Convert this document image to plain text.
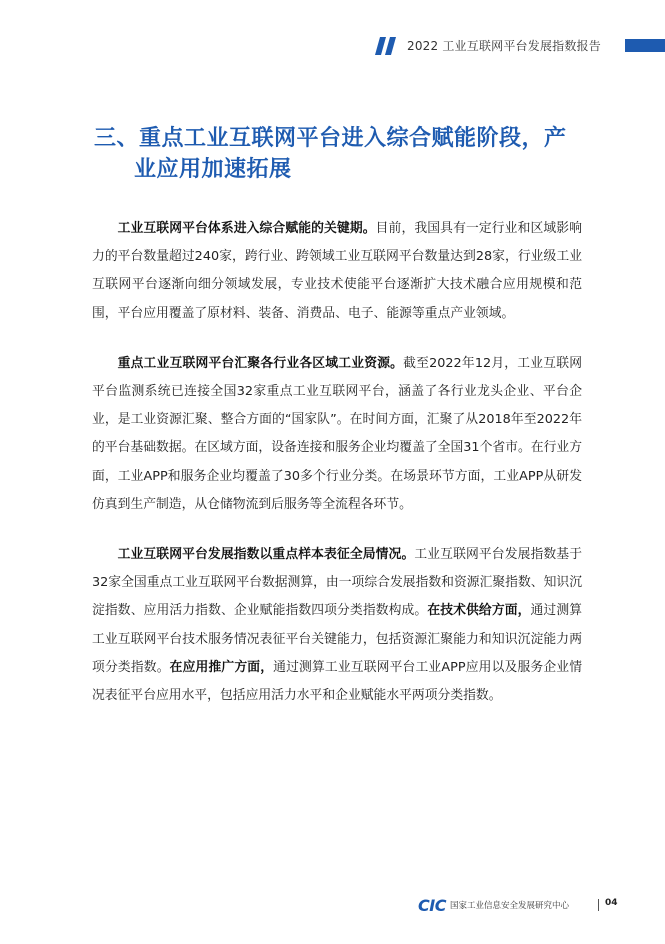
2022 工业互联网平台发展指数报告
三、重点工业互联网平台进入综合赋能阶段，产
业应用加速拓展

工业互联网平台体系进入综合赋能的关键期。目前，我国具有一定行业和区域影响力的平台数量超过240家，跨行业、跨领域工业互联网平台数量达到28家，行业级工业互联网平台逐渐向细分领域发展，专业技术使能平台逐渐扩大技术融合应用规模和范围，平台应用覆盖了原材料、装备、消费品、电子、能源等重点产业领域。

重点工业互联网平台汇聚各行业各区域工业资源。截至2022年12月，工业互联网平台监测系统已连接全国32家重点工业互联网平台，涵盖了各行业龙头企业、平台企业，是工业资源汇聚、整合方面的“国家队”。在时间方面，汇聚了从2018年至2022年的平台基础数据。在区域方面，设备连接和服务企业均覆盖了全国31个省市。在行业方面，工业APP和服务企业均覆盖了30多个行业分类。在场景环节方面，工业APP从研发仿真到生产制造，从仓储物流到后服务等全流程各环节。

工业互联网平台发展指数以重点样本表征全局情况。工业互联网平台发展指数基于32家全国重点工业互联网平台数据测算，由一项综合发展指数和资源汇聚指数、知识沉淀指数、应用活力指数、企业赋能指数四项分类指数构成。在技术供给方面，通过测算工业互联网平台技术服务情况表征平台关键能力，包括资源汇聚能力和知识沉淀能力两项分类指数。在应用推广方面，通过测算工业互联网平台工业APP应用以及服务企业情况表征平台应用水平，包括应用活力水平和企业赋能水平两项分类指数。

CIC 国家工业信息安全发展研究中心	04
